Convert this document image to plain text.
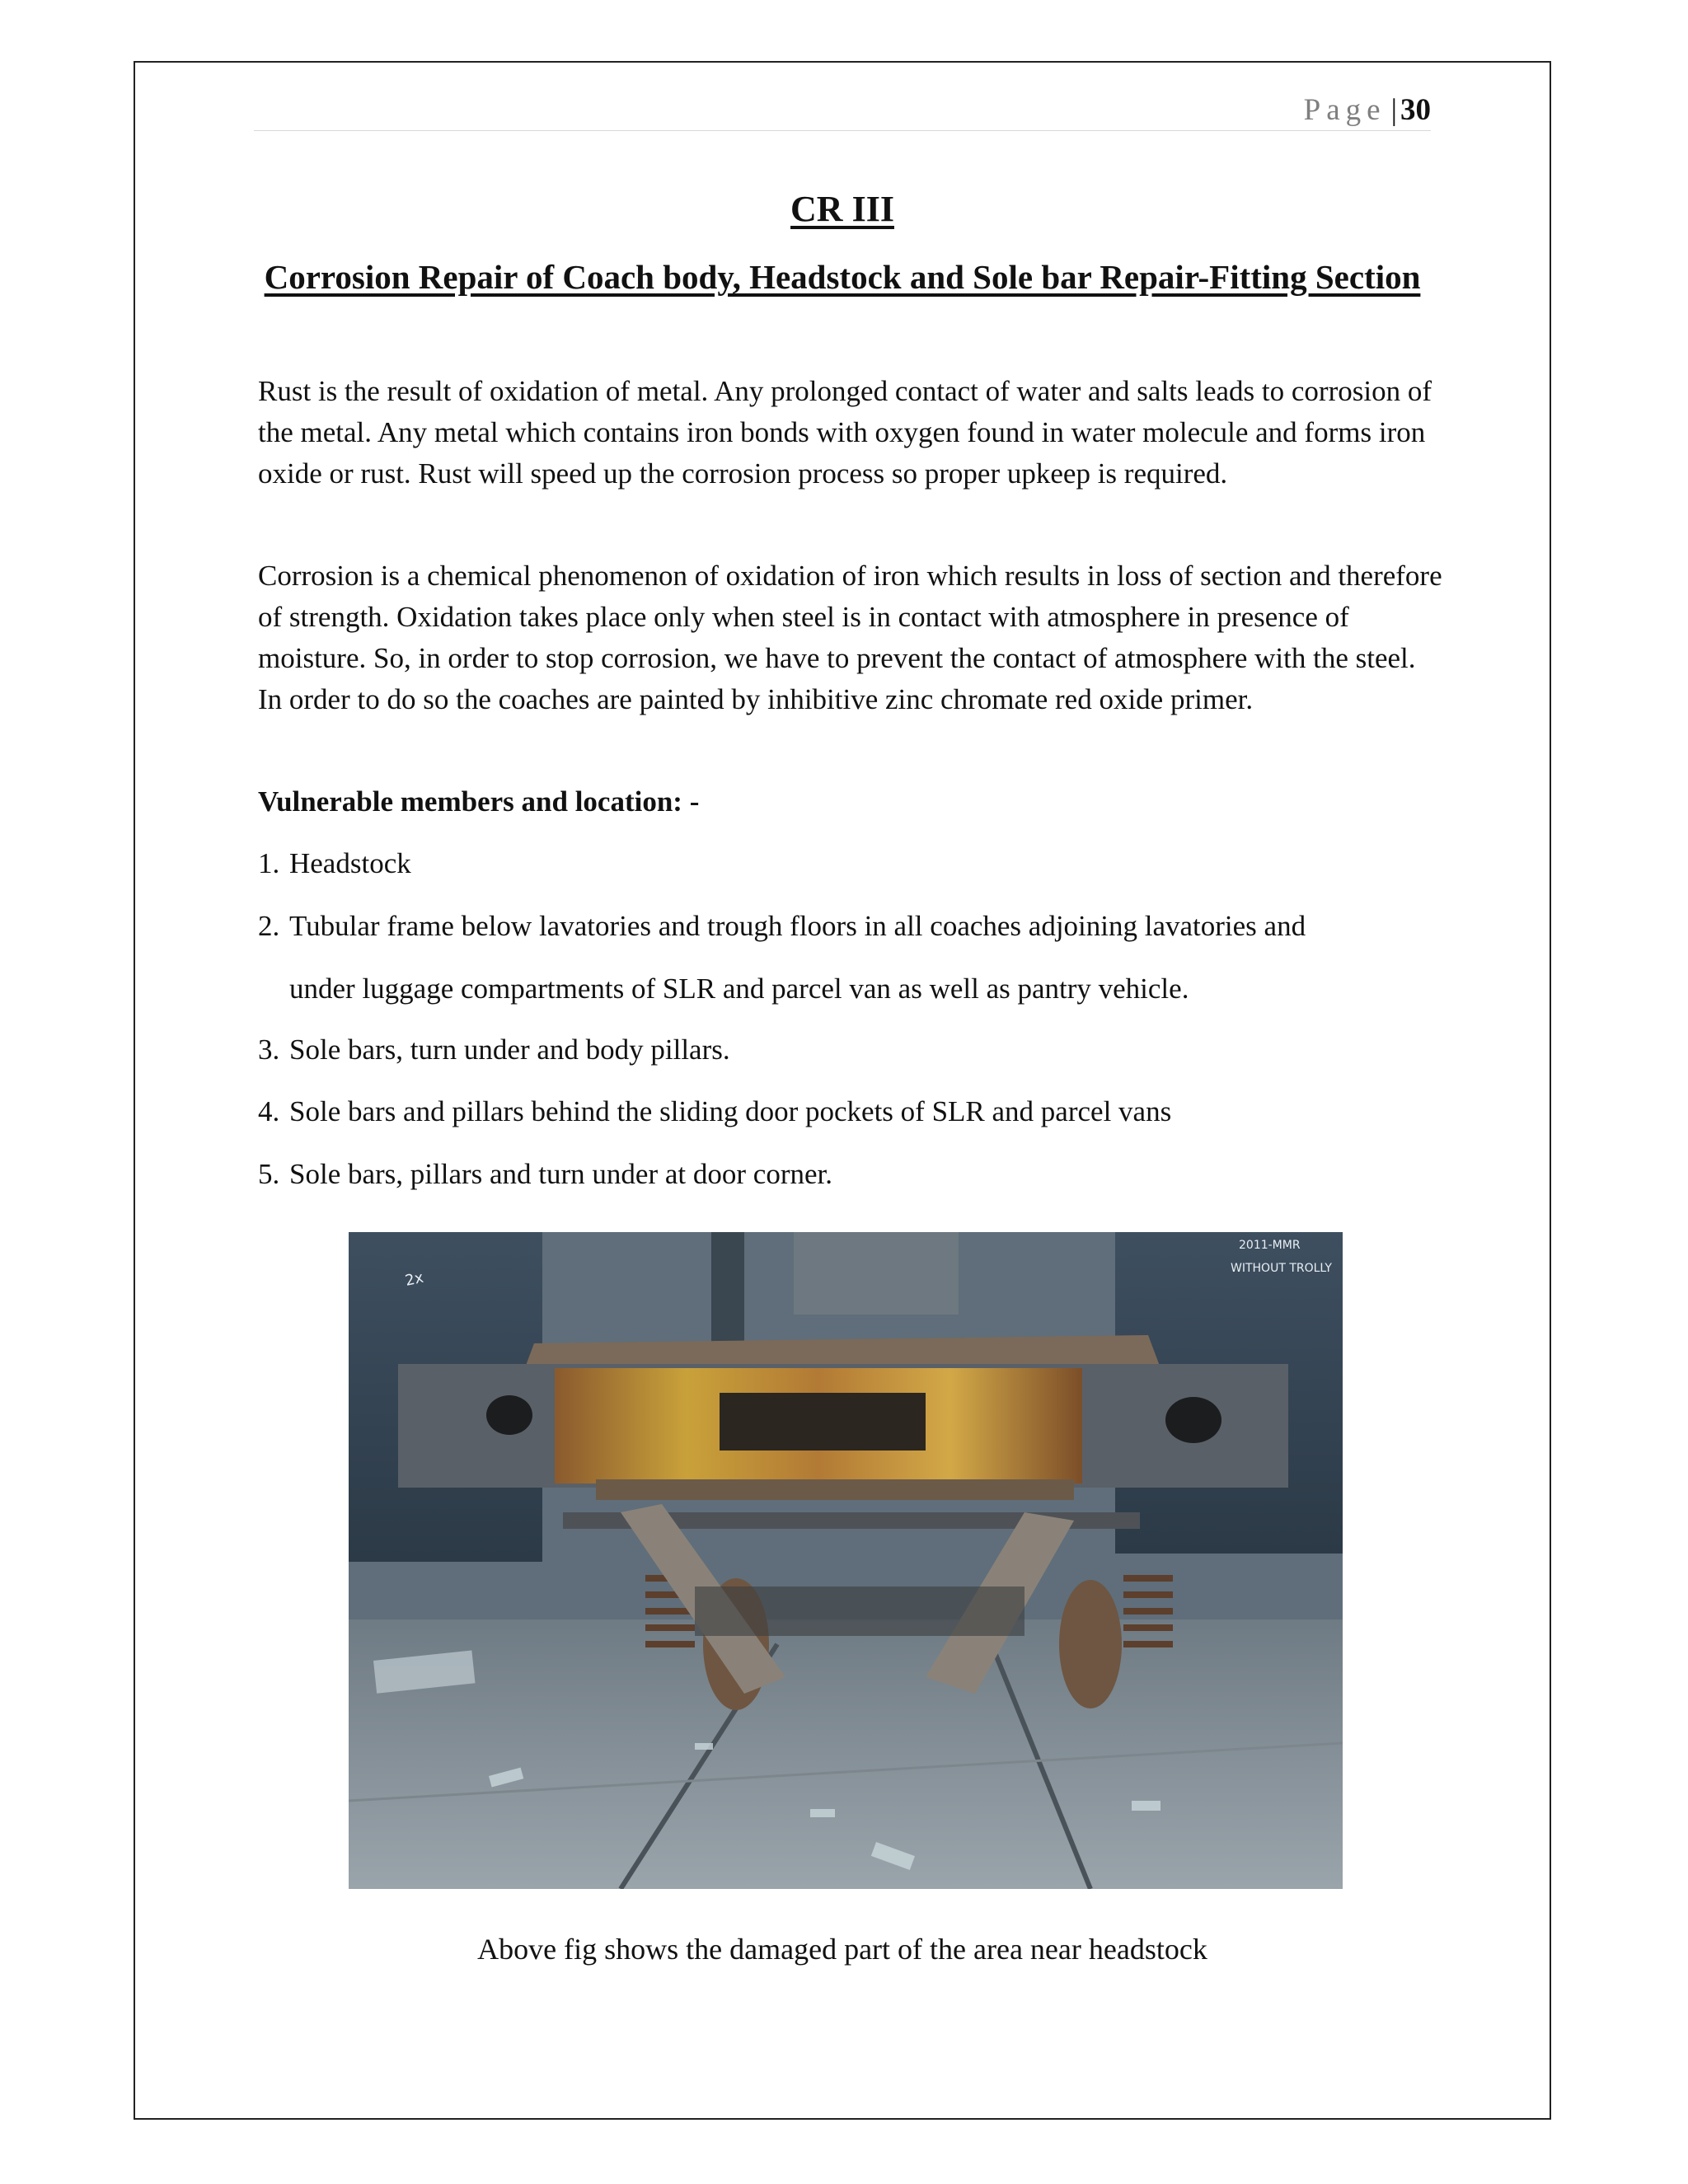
Page | 30
CR III
Corrosion Repair of Coach body, Headstock and Sole bar Repair-Fitting Section

Rust is the result of oxidation of metal. Any prolonged contact of water and salts leads to corrosion of the metal. Any metal which contains iron bonds with oxygen found in water molecule and forms iron oxide or rust. Rust will speed up the corrosion process so proper upkeep is required.

Corrosion is a chemical phenomenon of oxidation of iron which results in loss of section and therefore of strength. Oxidation takes place only when steel is in contact with atmosphere in presence of moisture. So, in order to stop corrosion, we have to prevent the contact of atmosphere with the steel. In order to do so the coaches are painted by inhibitive zinc chromate red oxide primer.

Vulnerable members and location: -
1. Headstock
2. Tubular frame below lavatories and trough floors in all coaches adjoining lavatories and
under luggage compartments of SLR and parcel van as well as pantry vehicle.
3. Sole bars, turn under and body pillars.
4. Sole bars and pillars behind the sliding door pockets of SLR and parcel vans
5. Sole bars, pillars and turn under at door corner.
2x
2011-MMR
WITHOUT TROLLY
Above fig shows the damaged part of the area near headstock
